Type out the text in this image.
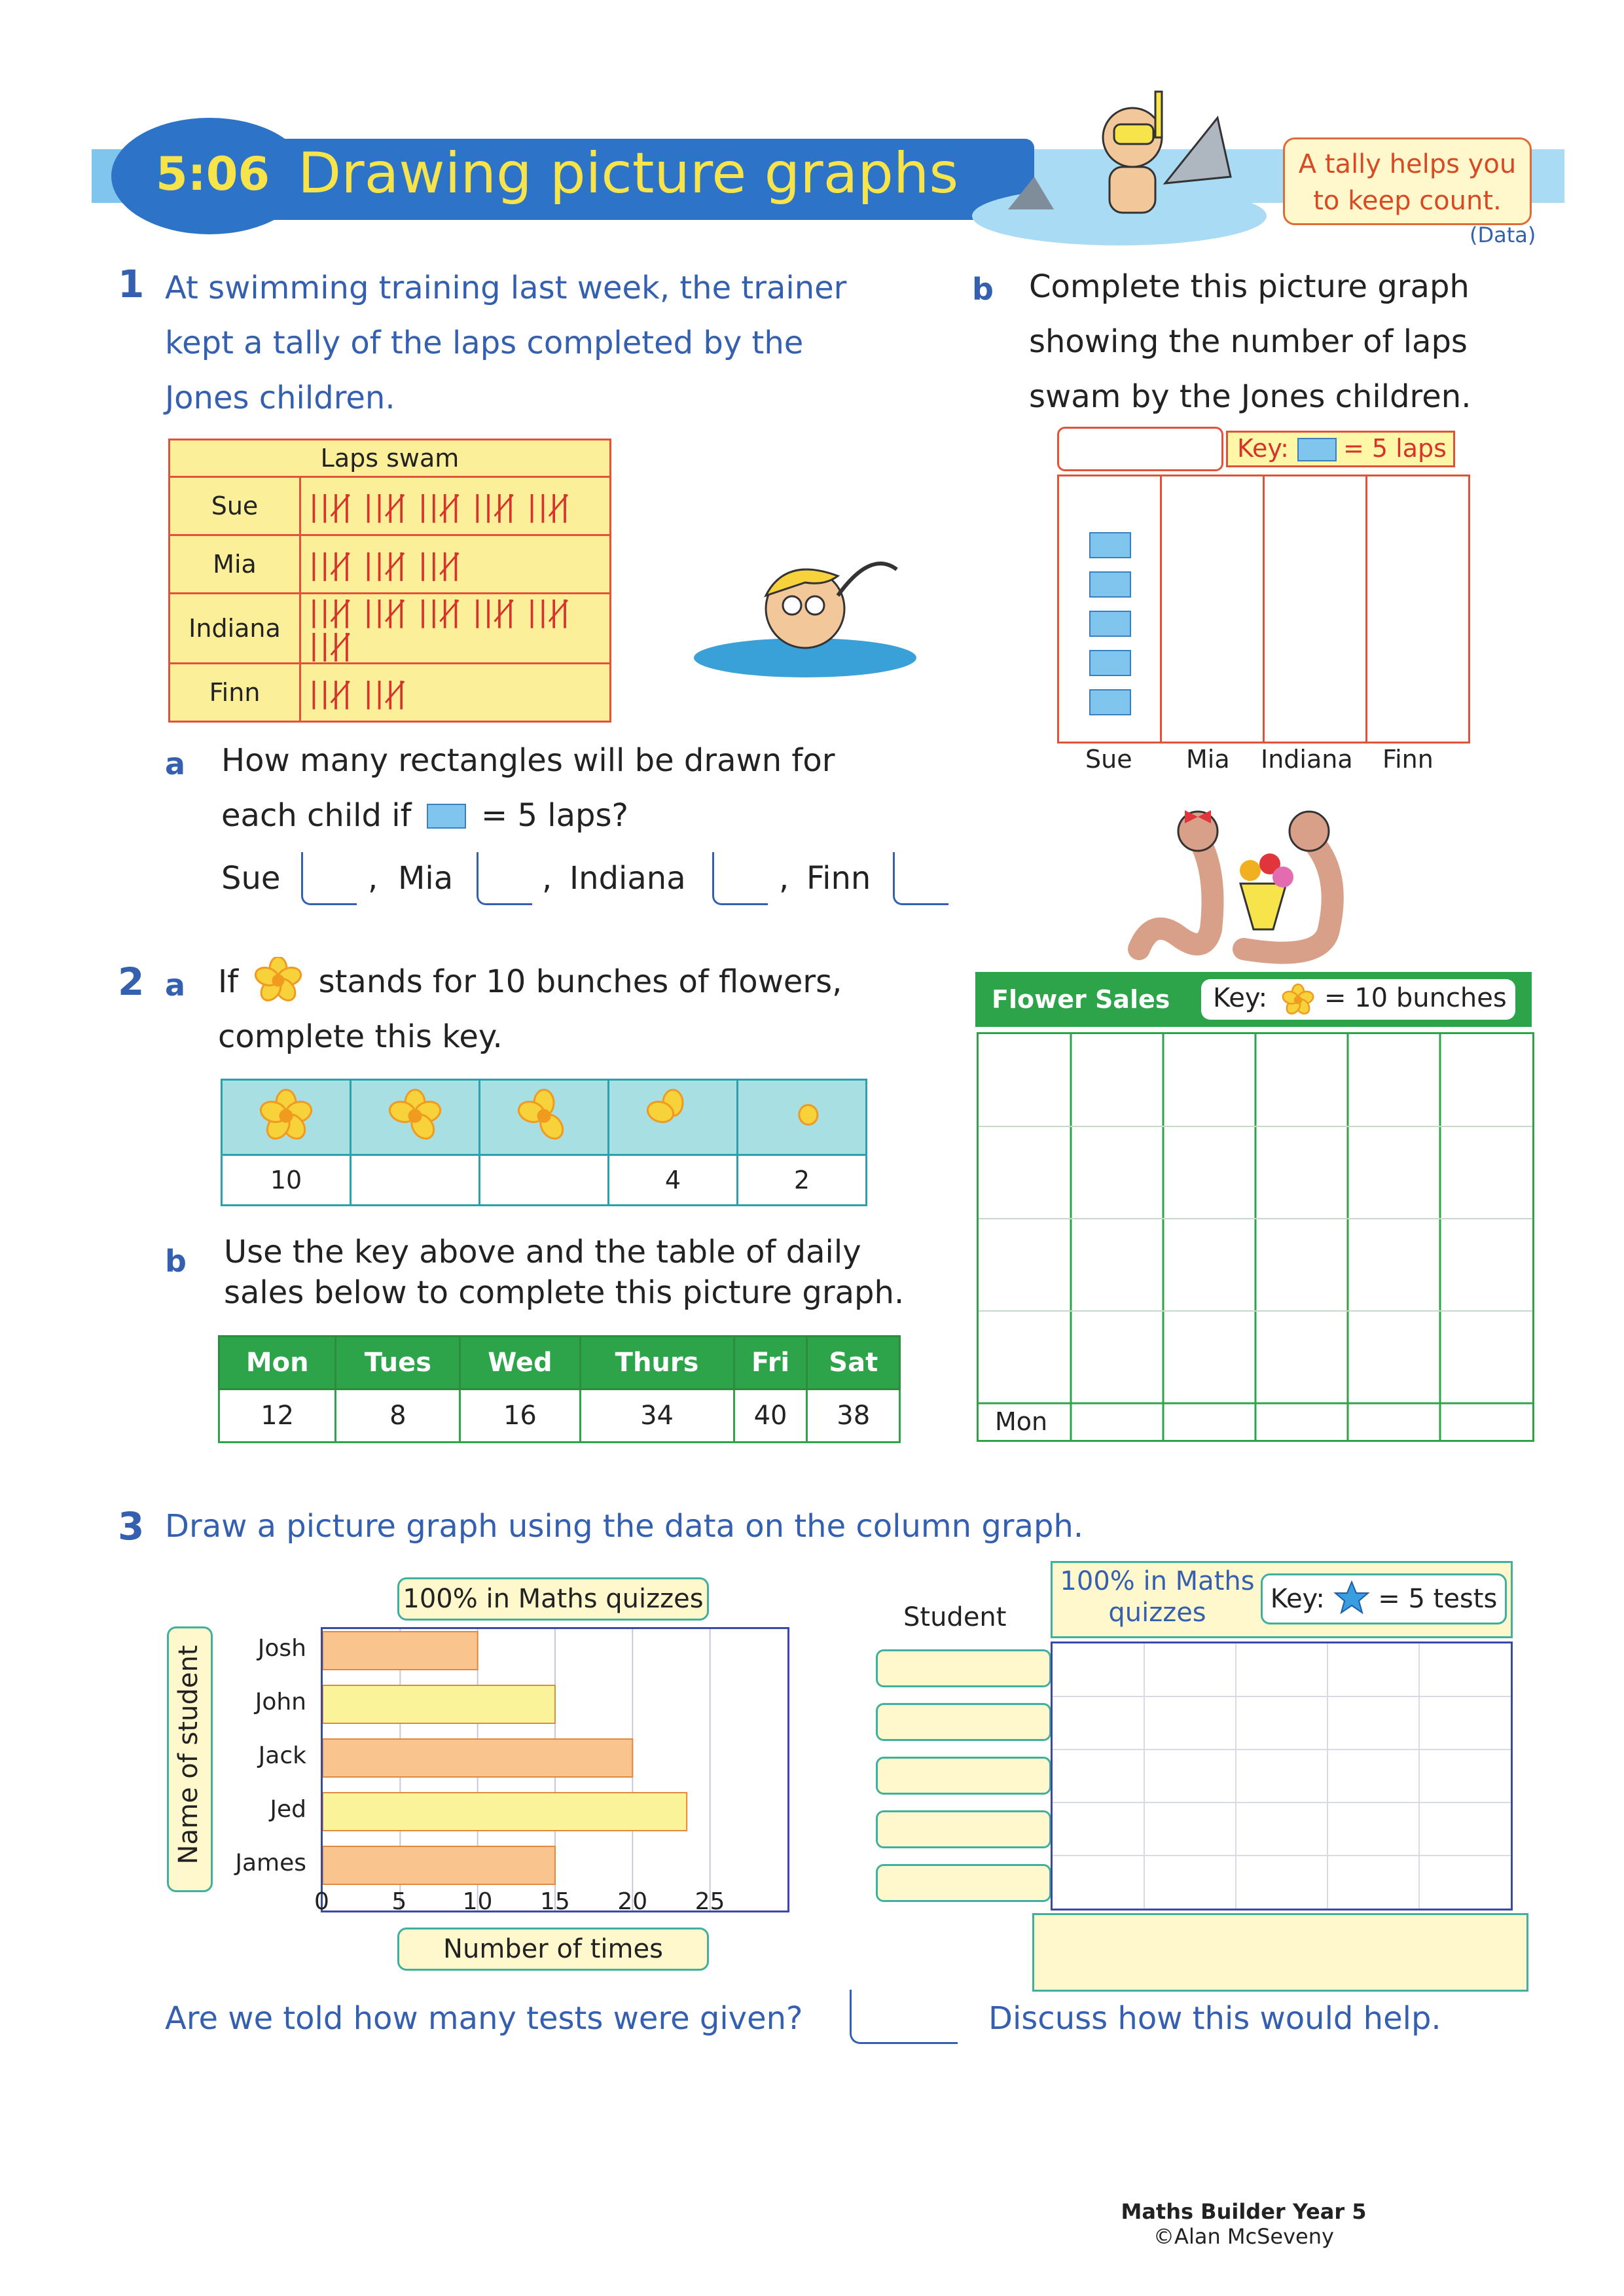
5:06 Drawing picture graphs	A tally helps you
to keep count.
(Data)
1 At swimming training last week, the trainer
kept a tally of the laps completed by the
Jones children.
Laps swam	
Sue	||||̸ ||||̸ ||||̸ ||||̸ ||||̸
Mia	||||̸ ||||̸ ||||̸
Indiana	||||̸ ||||̸ ||||̸ ||||̸ ||||̸ ||||̸
Finn	||||̸ ||||̸
a How many rectangles will be drawn for
each child if = 5 laps?
Sue	, Mia	, Indiana	, Finn
b Complete this picture graph
showing the number of laps
swam by the Jones children.
Key: = 5 laps
Sue Mia Indiana Finn
2 a If	stands for 10 bunches of flowers,
complete this key.

10			4	2
b Use the key above and the table of daily
sales below to complete this picture graph.
Mon	Tues	Wed	Thurs	Fri	Sat
12	8	16	34	40	38
Flower Sales Key: = 10 bunches
Mon
3 Draw a picture graph using the data on the column graph.
100% in Maths quizzes
Name of student	Josh
John
Jack
Jed
James
0	5 10 15 20 25
Number of times
Student
100% in Maths
quizzes	Key: = 5 tests
Are we told how many tests were given?	Discuss how this would help.
Maths Builder Year 5
©Alan McSeveny
